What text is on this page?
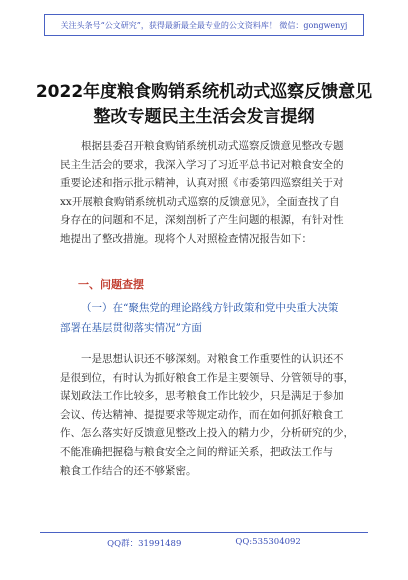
关注头条号“公文研究”，获得最新最全最专业的公文资料库！ 微信：gongwenyj
2022年度粮食购销系统机动式巡察反馈意见
整改专题民主生活会发言提纲
根据县委召开粮食购销系统机动式巡察反馈意见整改专题
民主生活会的要求，我深入学习了习近平总书记对粮食安全的
重要论述和指示批示精神，认真对照《市委第四巡察组关于对
xx开展粮食购销系统机动式巡察的反馈意见》，全面查找了自
身存在的问题和不足，深刻剖析了产生问题的根源，有针对性
地提出了整改措施。现将个人对照检查情况报告如下：
一、问题查摆
（一）在“聚焦党的理论路线方针政策和党中央重大决策
部署在基层贯彻落实情况”方面
一是思想认识还不够深刻。对粮食工作重要性的认识还不
是很到位，有时认为抓好粮食工作是主要领导、分管领导的事，
谋划政法工作比较多，思考粮食工作比较少，只是满足于参加
会议、传达精神、提提要求等规定动作，而在如何抓好粮食工
作、怎么落实好反馈意见整改上投入的精力少，分析研究的少，
不能准确把握稳与粮食安全之间的辩证关系，把政法工作与
粮食工作结合的还不够紧密。
QQ群：31991489	QQ:535304092
